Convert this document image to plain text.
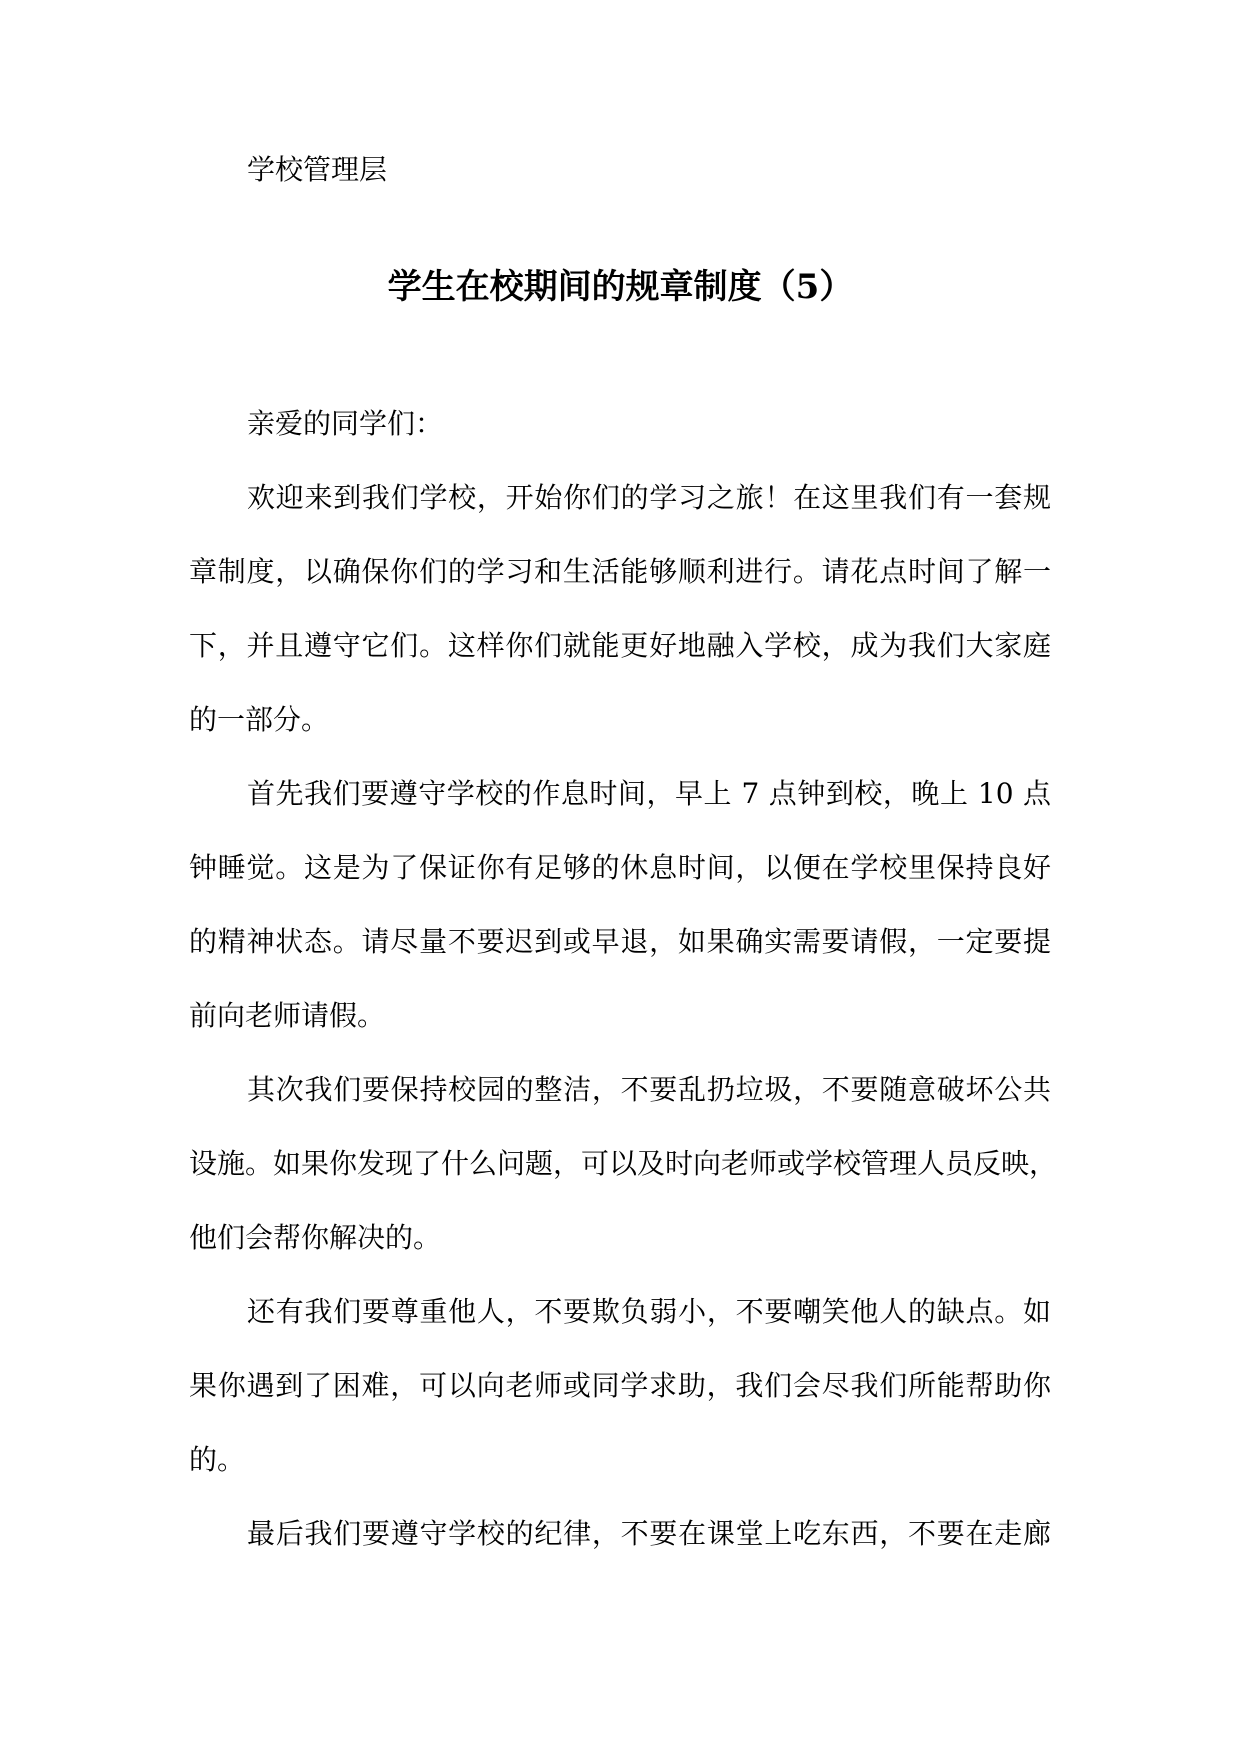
学校管理层
学生在校期间的规章制度（5）

亲爱的同学们：

欢迎来到我们学校，开始你们的学习之旅！在这里我们有一套规
章制度，以确保你们的学习和生活能够顺利进行。请花点时间了解一
下，并且遵守它们。这样你们就能更好地融入学校，成为我们大家庭
的一部分。

首先我们要遵守学校的作息时间，早上 7 点钟到校，晚上 10 点
钟睡觉。这是为了保证你有足够的休息时间，以便在学校里保持良好
的精神状态。请尽量不要迟到或早退，如果确实需要请假，一定要提
前向老师请假。

其次我们要保持校园的整洁，不要乱扔垃圾，不要随意破坏公共
设施。如果你发现了什么问题，可以及时向老师或学校管理人员反映，
他们会帮你解决的。

还有我们要尊重他人，不要欺负弱小，不要嘲笑他人的缺点。如
果你遇到了困难，可以向老师或同学求助，我们会尽我们所能帮助你
的。

最后我们要遵守学校的纪律，不要在课堂上吃东西，不要在走廊
